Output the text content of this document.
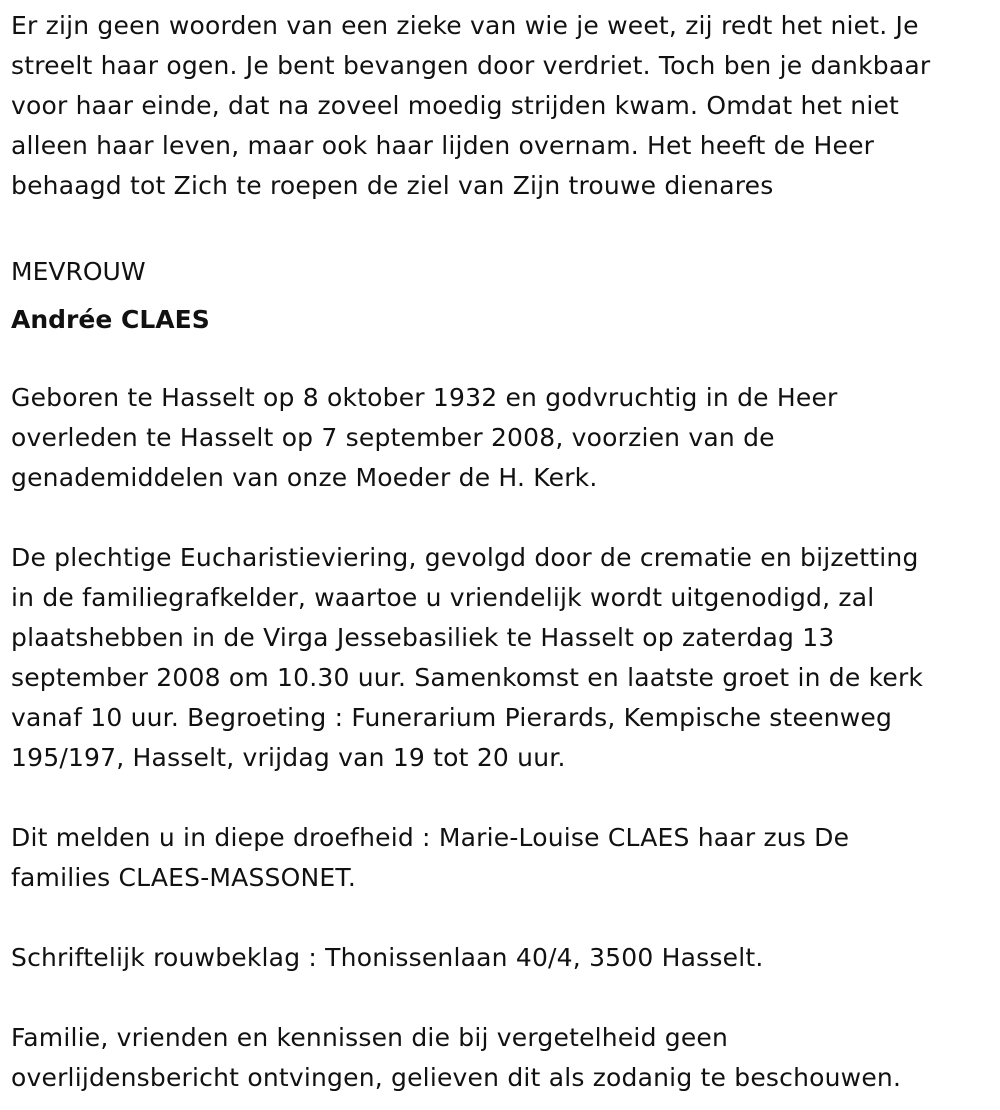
Er zijn geen woorden van een zieke van wie je weet, zij redt het niet. Je
streelt haar ogen. Je bent bevangen door verdriet. Toch ben je dankbaar
voor haar einde, dat na zoveel moedig strijden kwam. Omdat het niet
alleen haar leven, maar ook haar lijden overnam. Het heeft de Heer
behaagd tot Zich te roepen de ziel van Zijn trouwe dienares
MEVROUW
Andrée CLAES
Geboren te Hasselt op 8 oktober 1932 en godvruchtig in de Heer
overleden te Hasselt op 7 september 2008, voorzien van de
genademiddelen van onze Moeder de H. Kerk.
De plechtige Eucharistieviering, gevolgd door de crematie en bijzetting
in de familiegrafkelder, waartoe u vriendelijk wordt uitgenodigd, zal
plaatshebben in de Virga Jessebasiliek te Hasselt op zaterdag 13
september 2008 om 10.30 uur. Samenkomst en laatste groet in de kerk
vanaf 10 uur. Begroeting : Funerarium Pierards, Kempische steenweg
195/197, Hasselt, vrijdag van 19 tot 20 uur.
Dit melden u in diepe droefheid : Marie-Louise CLAES haar zus De
families CLAES-MASSONET.
Schriftelijk rouwbeklag : Thonissenlaan 40/4, 3500 Hasselt.
Familie, vrienden en kennissen die bij vergetelheid geen
overlijdensbericht ontvingen, gelieven dit als zodanig te beschouwen.
